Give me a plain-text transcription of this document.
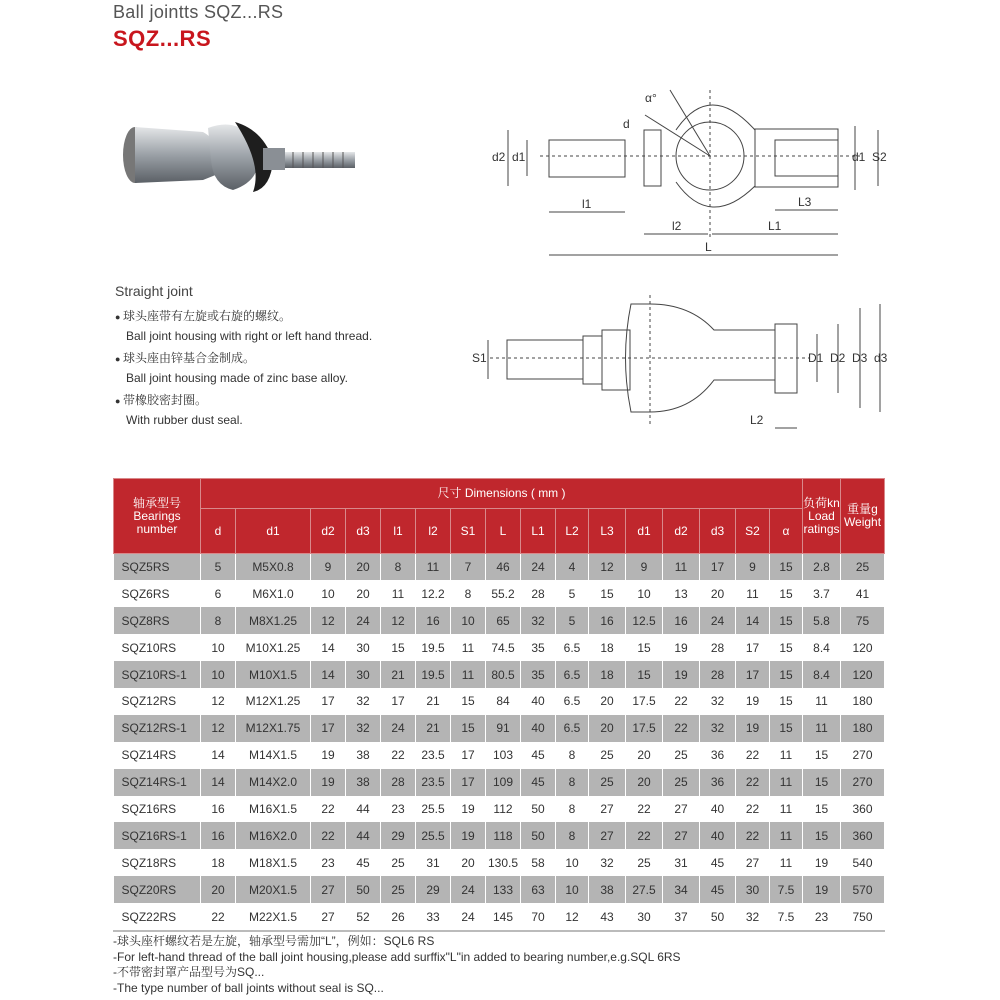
Ball jointts SQZ...RS
SQZ...RS
α°
d
d2 d1	d1 S2
l1
l2	L1
L3
L
S1	D1 D2 D3 d3
L2
Straight joint
● 球头座带有左旋或右旋的螺纹。
Ball joint housing with right or left hand thread.
● 球头座由锌基合金制成。
Ball joint housing made of zinc base alloy.
● 带橡胶密封圈。
With rubber dust seal.
轴承型号
Bearings number	尺寸 Dimensions ( mm )																负荷kn
Load ratings	重量g
Weight
	d	d1	d2	d3	l1	l2	S1	L	L1	L2	L3	d1	d2	d3	S2	α		
SQZ5RS	5	M5X0.8	9	20	8	11	7	46	24	4	12	9	11	17	9	15	2.8	25
SQZ6RS	6	M6X1.0	10	20	11	12.2	8	55.2	28	5	15	10	13	20	11	15	3.7	41
SQZ8RS	8	M8X1.25	12	24	12	16	10	65	32	5	16	12.5	16	24	14	15	5.8	75
SQZ10RS	10	M10X1.25	14	30	15	19.5	11	74.5	35	6.5	18	15	19	28	17	15	8.4	120
SQZ10RS-1	10	M10X1.5	14	30	21	19.5	11	80.5	35	6.5	18	15	19	28	17	15	8.4	120
SQZ12RS	12	M12X1.25	17	32	17	21	15	84	40	6.5	20	17.5	22	32	19	15	11	180
SQZ12RS-1	12	M12X1.75	17	32	24	21	15	91	40	6.5	20	17.5	22	32	19	15	11	180
SQZ14RS	14	M14X1.5	19	38	22	23.5	17	103	45	8	25	20	25	36	22	11	15	270
SQZ14RS-1	14	M14X2.0	19	38	28	23.5	17	109	45	8	25	20	25	36	22	11	15	270
SQZ16RS	16	M16X1.5	22	44	23	25.5	19	112	50	8	27	22	27	40	22	11	15	360
SQZ16RS-1	16	M16X2.0	22	44	29	25.5	19	118	50	8	27	22	27	40	22	11	15	360
SQZ18RS	18	M18X1.5	23	45	25	31	20	130.5	58	10	32	25	31	45	27	11	19	540
SQZ20RS	20	M20X1.5	27	50	25	29	24	133	63	10	38	27.5	34	45	30	7.5	19	570
SQZ22RS	22	M22X1.5	27	52	26	33	24	145	70	12	43	30	37	50	32	7.5	23	750
-球头座杆螺纹若是左旋，轴承型号需加“L”，例如：SQL6 RS
-For left-hand thread of the ball joint housing,please add surffix"L"in added to bearing number,e.g.SQL 6RS
-不带密封罩产品型号为SQ...
-The type number of ball joints without seal is SQ...
